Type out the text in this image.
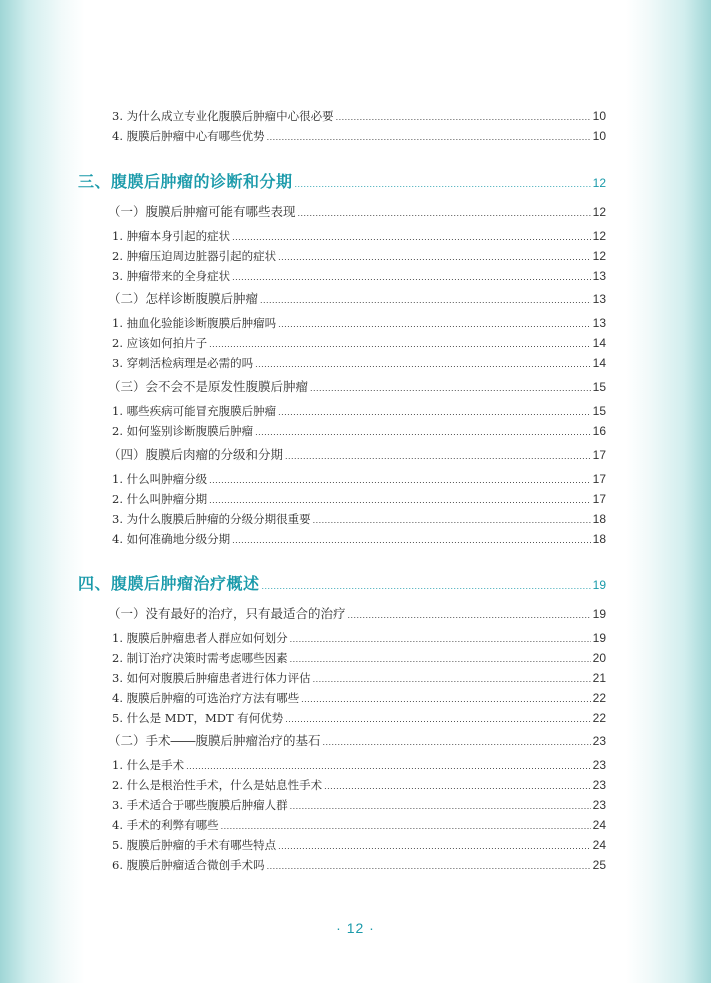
3. 为什么成立专业化腹膜后肿瘤中心很必要 .....	10
4. 腹膜后肿瘤中心有哪些优势 .....	10
三、腹膜后肿瘤的诊断和分期 .....	12
（一）腹膜后肿瘤可能有哪些表现 .....	12
1. 肿瘤本身引起的症状 .....	12
2. 肿瘤压迫周边脏器引起的症状 .....	12
3. 肿瘤带来的全身症状 .....	13
（二）怎样诊断腹膜后肿瘤 .....	13
1. 抽血化验能诊断腹膜后肿瘤吗 .....	13
2. 应该如何拍片子 .....	14
3. 穿刺活检病理是必需的吗 .....	14
（三）会不会不是原发性腹膜后肿瘤 .....	15
1. 哪些疾病可能冒充腹膜后肿瘤 .....	15
2. 如何鉴别诊断腹膜后肿瘤 .....	16
（四）腹膜后肉瘤的分级和分期 .....	17
1. 什么叫肿瘤分级 .....	17
2. 什么叫肿瘤分期 .....	17
3. 为什么腹膜后肿瘤的分级分期很重要 .....	18
4. 如何准确地分级分期 .....	18
四、腹膜后肿瘤治疗概述 .....	19
（一）没有最好的治疗，只有最适合的治疗 .....	19
1. 腹膜后肿瘤患者人群应如何划分 .....	19
2. 制订治疗决策时需考虑哪些因素 .....	20
3. 如何对腹膜后肿瘤患者进行体力评估 .....	21
4. 腹膜后肿瘤的可选治疗方法有哪些 .....	22
5. 什么是 MDT，MDT 有何优势 .....	22
（二）手术——腹膜后肿瘤治疗的基石 .....	23
1. 什么是手术 .....	23
2. 什么是根治性手术，什么是姑息性手术 .....	23
3. 手术适合于哪些腹膜后肿瘤人群 .....	23
4. 手术的利弊有哪些 .....	24
5. 腹膜后肿瘤的手术有哪些特点 .....	24
6. 腹膜后肿瘤适合微创手术吗 .....	25
· 12 ·
